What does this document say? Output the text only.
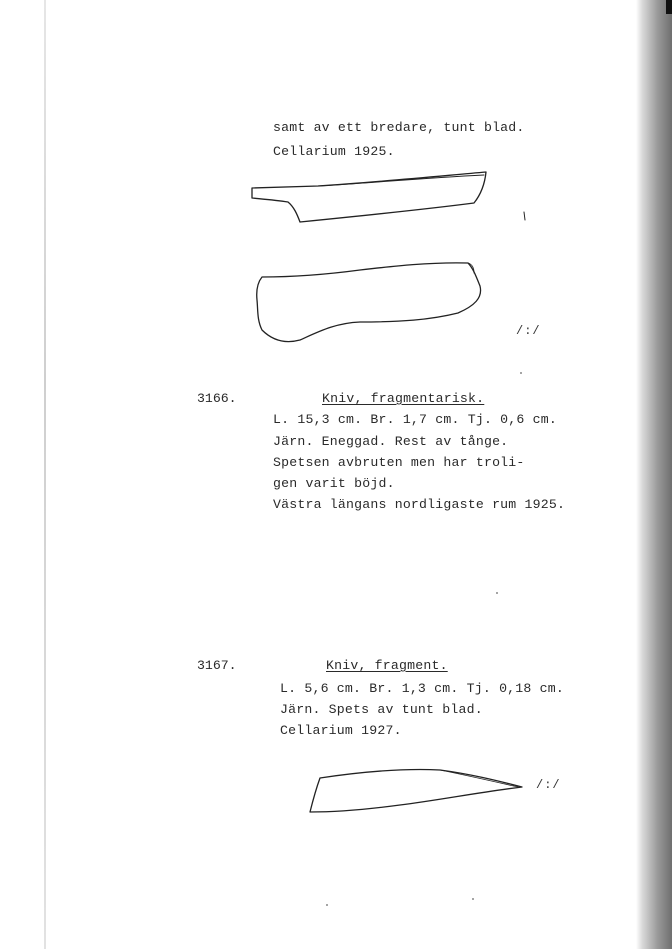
samt av ett bredare, tunt blad.
Cellarium 1925.
/:/
3166.	Kniv, fragmentarisk.
L. 15,3 cm. Br. 1,7 cm. Tj. 0,6 cm.
Järn. Eneggad. Rest av tånge.
Spetsen avbruten men har troli-
gen varit böjd.
Västra längans nordligaste rum 1925.
3167.	Kniv, fragment.
L. 5,6 cm. Br. 1,3 cm. Tj. 0,18 cm.
Järn. Spets av tunt blad.
Cellarium 1927.
/:/
